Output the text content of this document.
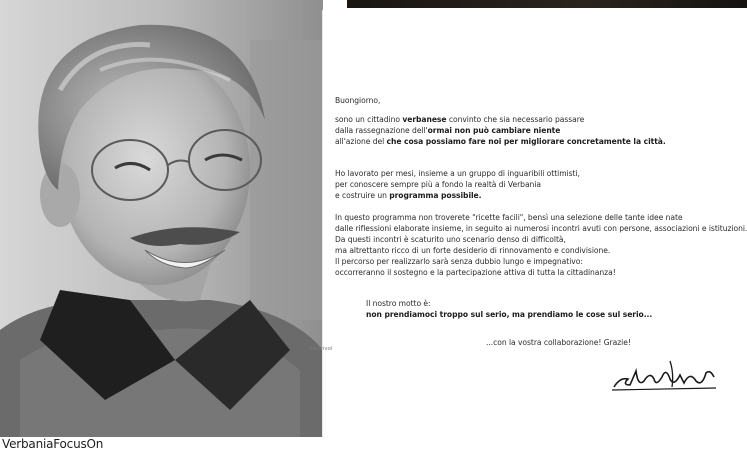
Buongiorno,
sono un cittadino verbanese convinto che sia necessario passare
dalla rassegnazione dell'ormai non può cambiare niente
all'azione del che cosa possiamo fare noi per migliorare concretamente la città.
Ho lavorato per mesi, insieme a un gruppo di inguaribili ottimisti,
per conoscere sempre più a fondo la realtà di Verbania
e costruire un programma possibile.
In questo programma non troverete "ricette facili", bensì una selezione delle tante idee nate
dalle riflessioni elaborate insieme, in seguito ai numerosi incontri avuti con persone, associazioni e istituzioni.
Da questi incontri è scaturito uno scenario denso di difficoltà,
ma altrettanto ricco di un forte desiderio di rinnovamento e condivisione.
Il percorso per realizzarlo sarà senza dubbio lungo e impegnativo:
occorreranno il sostegno e la partecipazione attiva di tutta la cittadinanza!
Il nostro motto è:
non prendiamoci troppo sul serio, ma prendiamo le cose sul serio...
...con la vostra collaborazione! Grazie!
lriconvoi
VerbaniaFocusOn
